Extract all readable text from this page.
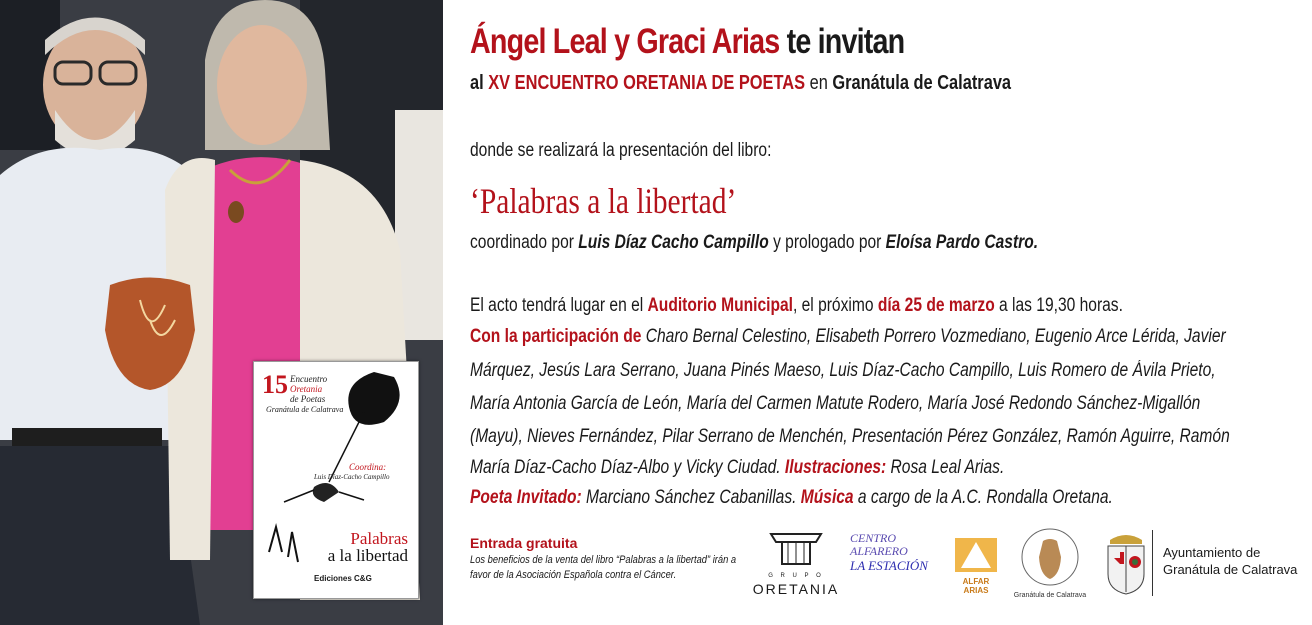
15 Encuentro
Oretania
de Poetas
Granátula de Calatrava
Coordina:
Luis Díaz-Cacho Campillo
Palabras
a la libertad
Ediciones C&G
Ángel Leal y Graci Arias te invitan
al XV ENCUENTRO ORETANIA DE POETAS en Granátula de Calatrava
donde se realizará la presentación del libro:
‘Palabras a la libertad’
coordinado por Luis Díaz Cacho Campillo y prologado por Eloísa Pardo Castro.
El acto tendrá lugar en el Auditorio Municipal, el próximo día 25 de marzo a las 19,30 horas.
Con la participación de Charo Bernal Celestino, Elisabeth Porrero Vozmediano, Eugenio Arce Lérida, Javier
Márquez, Jesús Lara Serrano, Juana Pinés Maeso, Luis Díaz-Cacho Campillo, Luis Romero de Ávila Prieto,
María Antonia García de León, María del Carmen Matute Rodero, María José Redondo Sánchez-Migallón
(Mayu), Nieves Fernández, Pilar Serrano de Menchén, Presentación Pérez González, Ramón Aguirre, Ramón
María Díaz-Cacho Díaz-Albo y Vicky Ciudad. Ilustraciones: Rosa Leal Arias.
Poeta Invitado: Marciano Sánchez Cabanillas. Música a cargo de la A.C. Rondalla Oretana.
Entrada gratuita
Los beneficios de la venta del libro “Palabras a la libertad” irán a
favor de la Asociación Española contra el Cáncer.	G R U P O
ORETANIA
CENTRO
ALFARERO
LA ESTACIÓN
ALFAR
ARIAS
Granátula de Calatrava
Ayuntamiento de
Granátula de Calatrava
